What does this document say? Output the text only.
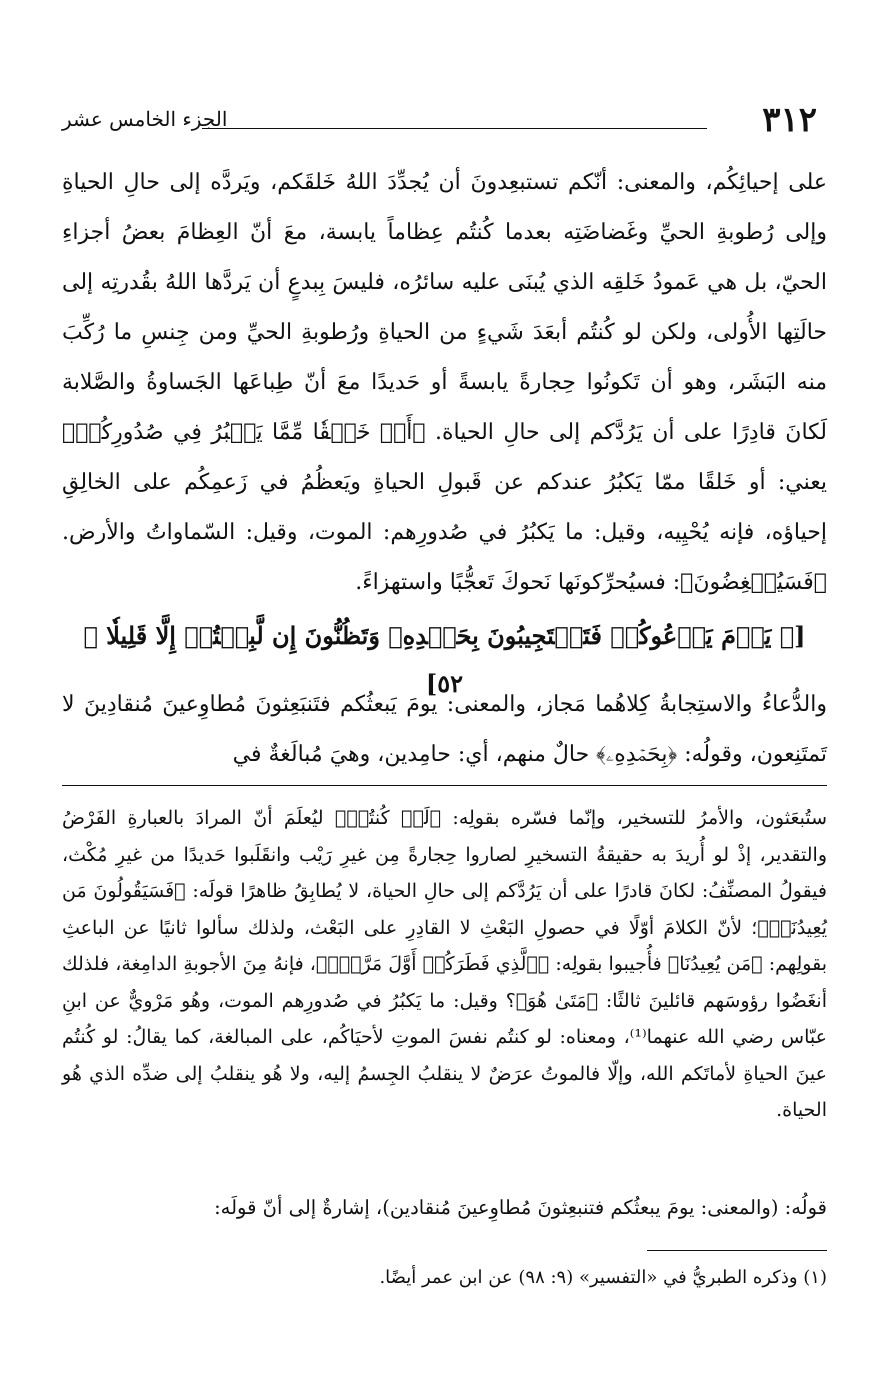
٣١٢
الجزء الخامس عشر

على إحيائِكُم، والمعنى: أنّكم تستبعِدونَ أن يُجدِّدَ اللهُ خَلقَكم، ويَردَّه إلى حالِ الحياةِ وإلى رُطوبةِ الحيِّ وغَضاضَتِه بعدما كُنتُم عِظاماً يابسة، معَ أنّ العِظامَ بعضُ أجزاءِ الحيّ، بل هي عَمودُ خَلقِه الذي يُبنَى عليه سائرُه، فليسَ بِبدعٍ أن يَردَّها اللهُ بقُدرتِه إلى حالَتِها الأُولى، ولكن لو كُنتُم أبعَدَ شَيءٍ من الحياةِ ورُطوبةِ الحيِّ ومن جِنسِ ما رُكِّبَ منه البَشَر، وهو أن تَكونُوا حِجارةً يابسةً أو حَديدًا معَ أنّ طِباعَها الجَساوةُ والصَّلابة لَكانَ قادِرًا على أن يَرُدَّكم إلى حالِ الحياة. ﴿أَوۡ خَلۡقٗا مِّمَّا يَكۡبُرُ فِي صُدُورِكُمۡ﴾ يعني: أو خَلقًا ممّا يَكبُرُ عندكم عن قَبولِ الحياةِ ويَعظُمُ في زَعمِكُم على الخالِقِ إحياؤه، فإنه يُحْيِيه، وقيل: ما يَكبُرُ في صُدورِهم: الموت، وقيل: السّماواتُ والأرض. ﴿فَسَيُنۡغِضُونَ﴾: فسيُحرِّكونَها نَحوكَ تَعجُّبًا واستهزاءً.

[﴿ يَوۡمَ يَدۡعُوكُمۡ فَتَسۡتَجِيبُونَ بِحَمۡدِهِۦ وَتَظُنُّونَ إِن لَّبِثۡتُمۡ إِلَّا قَلِيلٗا ﴾ ٥٢]

والدُّعاءُ والاستِجابةُ كِلاهُما مَجاز، والمعنى: يومَ يَبعثُكم فتَنبَعِثونَ مُطاوِعينَ مُنقادِينَ لا تَمتَنِعون، وقولُه: ﴿بِحَمۡدِهِۦ﴾ حالٌ منهم، أي: حامِدين، وهيَ مُبالَغةٌ في

ستُبعَثون، والأمرُ للتسخير، وإنّما فسّره بقولِه: ﴿لَوۡ كُنتُمۡ﴾ ليُعلَمَ أنّ المرادَ بالعبارةِ الفَرْضُ والتقدير، إذْ لو أُريدَ به حقيقةُ التسخيرِ لصاروا حِجارةً مِن غيرِ رَيْب وانقَلَبوا حَديدًا من غيرِ مُكْث، فيقولُ المصنِّفُ: لكانَ قادرًا على أن يَرُدَّكم إلى حالِ الحياة، لا يُطابِقُ ظاهرًا قولَه: ﴿فَسَيَقُولُونَ مَن يُعِيدُنَاۖ﴾؛ لأنّ الكلامَ أوّلًا في حصولِ البَعْثِ لا القادِرِ على البَعْث، ولذلك سألوا ثانيًا عن الباعثِ بقولِهم: ﴿مَن يُعِيدُنَا﴾ فأُجيبوا بقولِه: ﴿ٱلَّذِي فَطَرَكُمۡ أَوَّلَ مَرَّةٖۚ﴾، فإنهُ مِنَ الأجوبةِ الدامِغة، فلذلك أنغَضُوا رؤوسَهم قائلينَ ثالثًا: ﴿مَتَىٰ هُوَ﴾؟ وقيل: ما يَكبُرُ في صُدورِهم الموت، وهُو مَرْويٌّ عن ابنِ عبّاس رضي الله عنهما⁽¹⁾، ومعناه: لو كنتُم نفسَ الموتِ لأحيَاكُم، على المبالغة، كما يقالُ: لو كُنتُم عينَ الحياةِ لأماتَكم الله، وإلّا فالموتُ عرَضٌ لا ينقلبُ الجِسمُ إليه، ولا هُو ينقلبُ إلى ضدِّه الذي هُو الحياة.

قولُه: (والمعنى: يومَ يبعثُكم فتنبعِثونَ مُطاوِعينَ مُنقادين)، إشارةٌ إلى أنّ قولَه:

(١) وذكره الطبريُّ في «التفسير» (٩: ٩٨) عن ابن عمر أيضًا.
